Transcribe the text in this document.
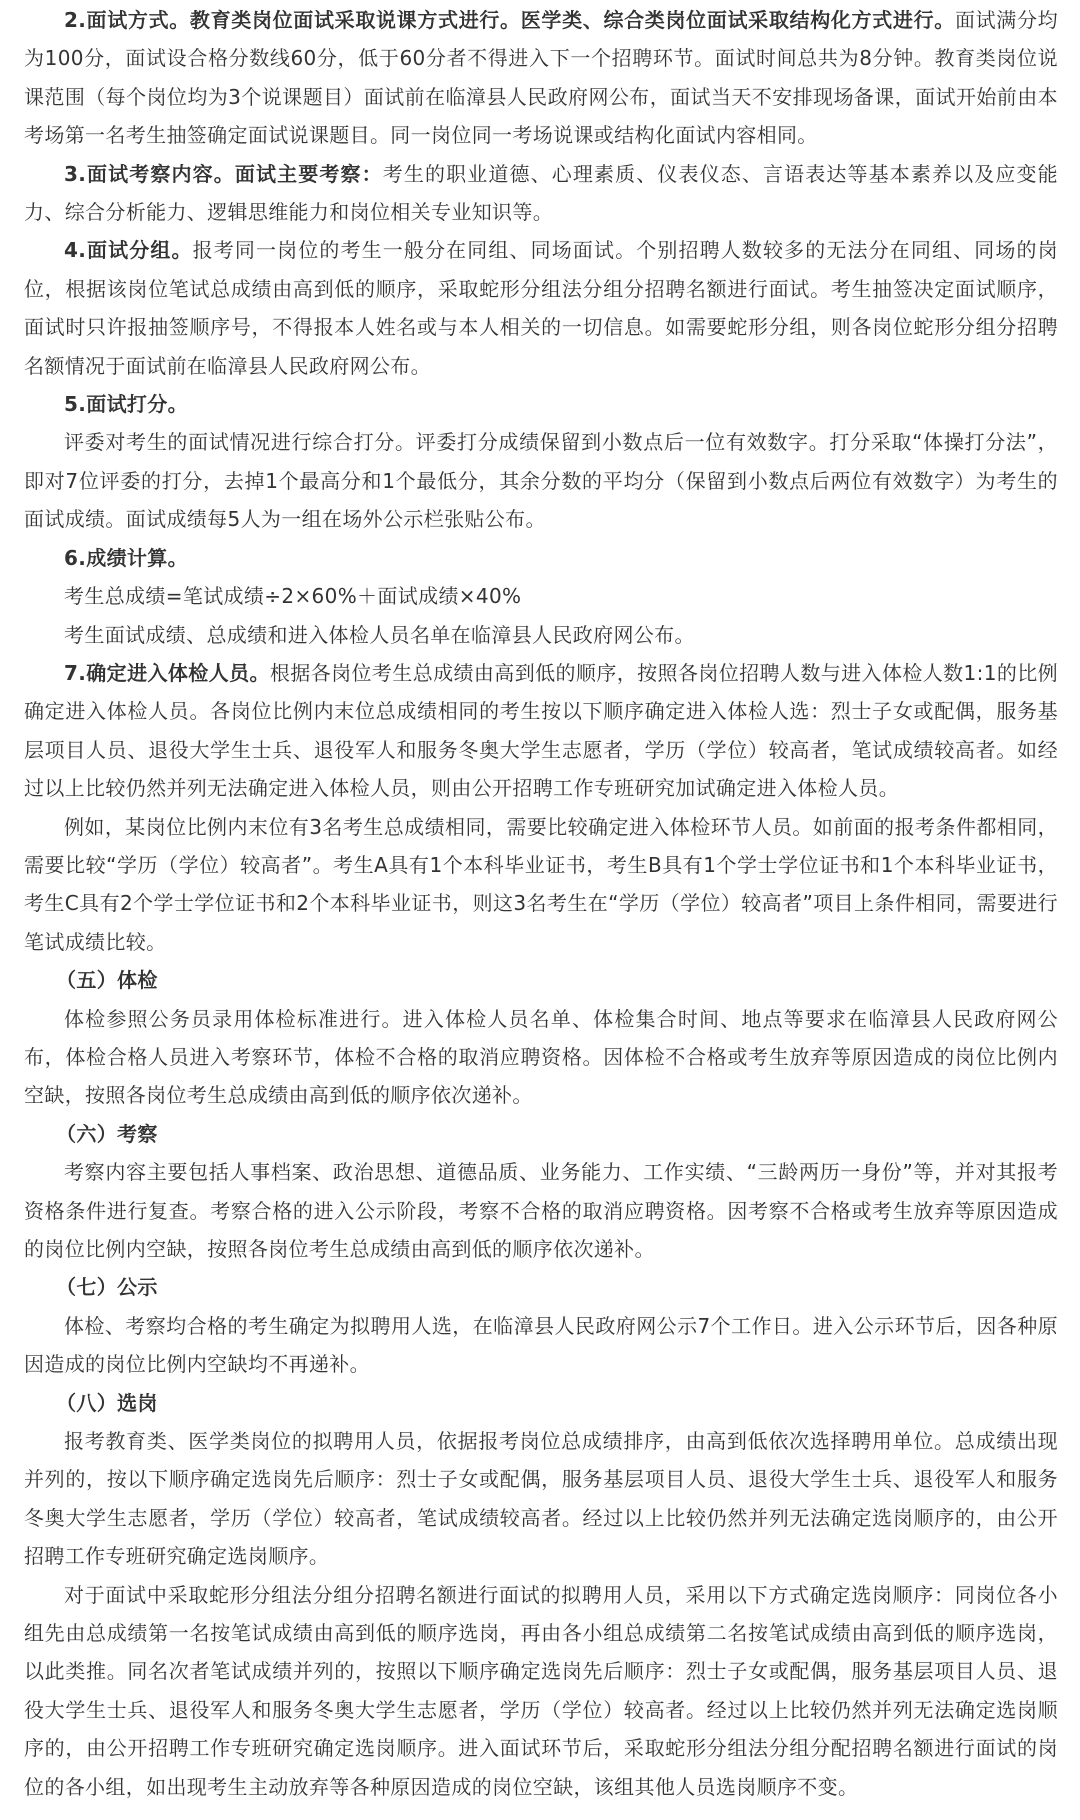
2.面试方式。教育类岗位面试采取说课方式进行。医学类、综合类岗位面试采取结构化方式进行。面试满分均为100分，面试设合格分数线60分，低于60分者不得进入下一个招聘环节。面试时间总共为8分钟。教育类岗位说课范围（每个岗位均为3个说课题目）面试前在临漳县人民政府网公布，面试当天不安排现场备课，面试开始前由本考场第一名考生抽签确定面试说课题目。同一岗位同一考场说课或结构化面试内容相同。

3.面试考察内容。面试主要考察：考生的职业道德、心理素质、仪表仪态、言语表达等基本素养以及应变能力、综合分析能力、逻辑思维能力和岗位相关专业知识等。

4.面试分组。报考同一岗位的考生一般分在同组、同场面试。个别招聘人数较多的无法分在同组、同场的岗位，根据该岗位笔试总成绩由高到低的顺序，采取蛇形分组法分组分招聘名额进行面试。考生抽签决定面试顺序，面试时只许报抽签顺序号，不得报本人姓名或与本人相关的一切信息。如需要蛇形分组，则各岗位蛇形分组分招聘名额情况于面试前在临漳县人民政府网公布。

5.面试打分。

评委对考生的面试情况进行综合打分。评委打分成绩保留到小数点后一位有效数字。打分采取“体操打分法”，即对7位评委的打分，去掉1个最高分和1个最低分，其余分数的平均分（保留到小数点后两位有效数字）为考生的面试成绩。面试成绩每5人为一组在场外公示栏张贴公布。

6.成绩计算。

考生总成绩=笔试成绩÷2×60%＋面试成绩×40%

考生面试成绩、总成绩和进入体检人员名单在临漳县人民政府网公布。

7.确定进入体检人员。根据各岗位考生总成绩由高到低的顺序，按照各岗位招聘人数与进入体检人数1:1的比例确定进入体检人员。各岗位比例内末位总成绩相同的考生按以下顺序确定进入体检人选：烈士子女或配偶，服务基层项目人员、退役大学生士兵、退役军人和服务冬奥大学生志愿者，学历（学位）较高者，笔试成绩较高者。如经过以上比较仍然并列无法确定进入体检人员，则由公开招聘工作专班研究加试确定进入体检人员。

例如，某岗位比例内末位有3名考生总成绩相同，需要比较确定进入体检环节人员。如前面的报考条件都相同，需要比较“学历（学位）较高者”。考生A具有1个本科毕业证书，考生B具有1个学士学位证书和1个本科毕业证书，考生C具有2个学士学位证书和2个本科毕业证书，则这3名考生在“学历（学位）较高者”项目上条件相同，需要进行笔试成绩比较。

（五）体检

体检参照公务员录用体检标准进行。进入体检人员名单、体检集合时间、地点等要求在临漳县人民政府网公布，体检合格人员进入考察环节，体检不合格的取消应聘资格。因体检不合格或考生放弃等原因造成的岗位比例内空缺，按照各岗位考生总成绩由高到低的顺序依次递补。

（六）考察

考察内容主要包括人事档案、政治思想、道德品质、业务能力、工作实绩、“三龄两历一身份”等，并对其报考资格条件进行复查。考察合格的进入公示阶段，考察不合格的取消应聘资格。因考察不合格或考生放弃等原因造成的岗位比例内空缺，按照各岗位考生总成绩由高到低的顺序依次递补。

（七）公示

体检、考察均合格的考生确定为拟聘用人选，在临漳县人民政府网公示7个工作日。进入公示环节后，因各种原因造成的岗位比例内空缺均不再递补。

（八）选岗

报考教育类、医学类岗位的拟聘用人员，依据报考岗位总成绩排序，由高到低依次选择聘用单位。总成绩出现并列的，按以下顺序确定选岗先后顺序：烈士子女或配偶，服务基层项目人员、退役大学生士兵、退役军人和服务冬奥大学生志愿者，学历（学位）较高者，笔试成绩较高者。经过以上比较仍然并列无法确定选岗顺序的，由公开招聘工作专班研究确定选岗顺序。

对于面试中采取蛇形分组法分组分招聘名额进行面试的拟聘用人员，采用以下方式确定选岗顺序：同岗位各小组先由总成绩第一名按笔试成绩由高到低的顺序选岗，再由各小组总成绩第二名按笔试成绩由高到低的顺序选岗，以此类推。同名次者笔试成绩并列的，按照以下顺序确定选岗先后顺序：烈士子女或配偶，服务基层项目人员、退役大学生士兵、退役军人和服务冬奥大学生志愿者，学历（学位）较高者。经过以上比较仍然并列无法确定选岗顺序的，由公开招聘工作专班研究确定选岗顺序。进入面试环节后，采取蛇形分组法分组分配招聘名额进行面试的岗位的各小组，如出现考生主动放弃等各种原因造成的岗位空缺，该组其他人员选岗顺序不变。
